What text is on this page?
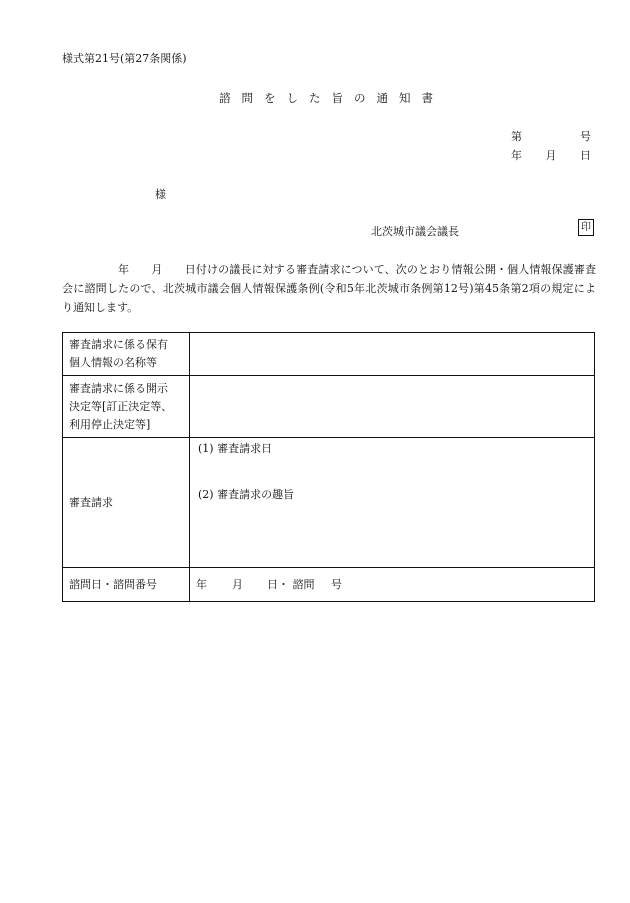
様式第21号(第27条関係)
諮問をした旨の通知書
第	号
年 月 日
様
北茨城市議会議長	印
年　　月　　日付けの議長に対する審査請求について、次のとおり情報公開・個人情報保護審査会に諮問したので、北茨城市議会個人情報保護条例(令和5年北茨城市条例第12号)第45条第2項の規定により通知します。
審査請求に係る保有
個人情報の名称等	

審査請求に係る開示
決定等[訂正決定等、
利用停止決定等]	

審査請求	(1) 審査請求日
(2) 審査請求の趣旨

諮問日・諮問番号	年 月 日・ 諮問 号
